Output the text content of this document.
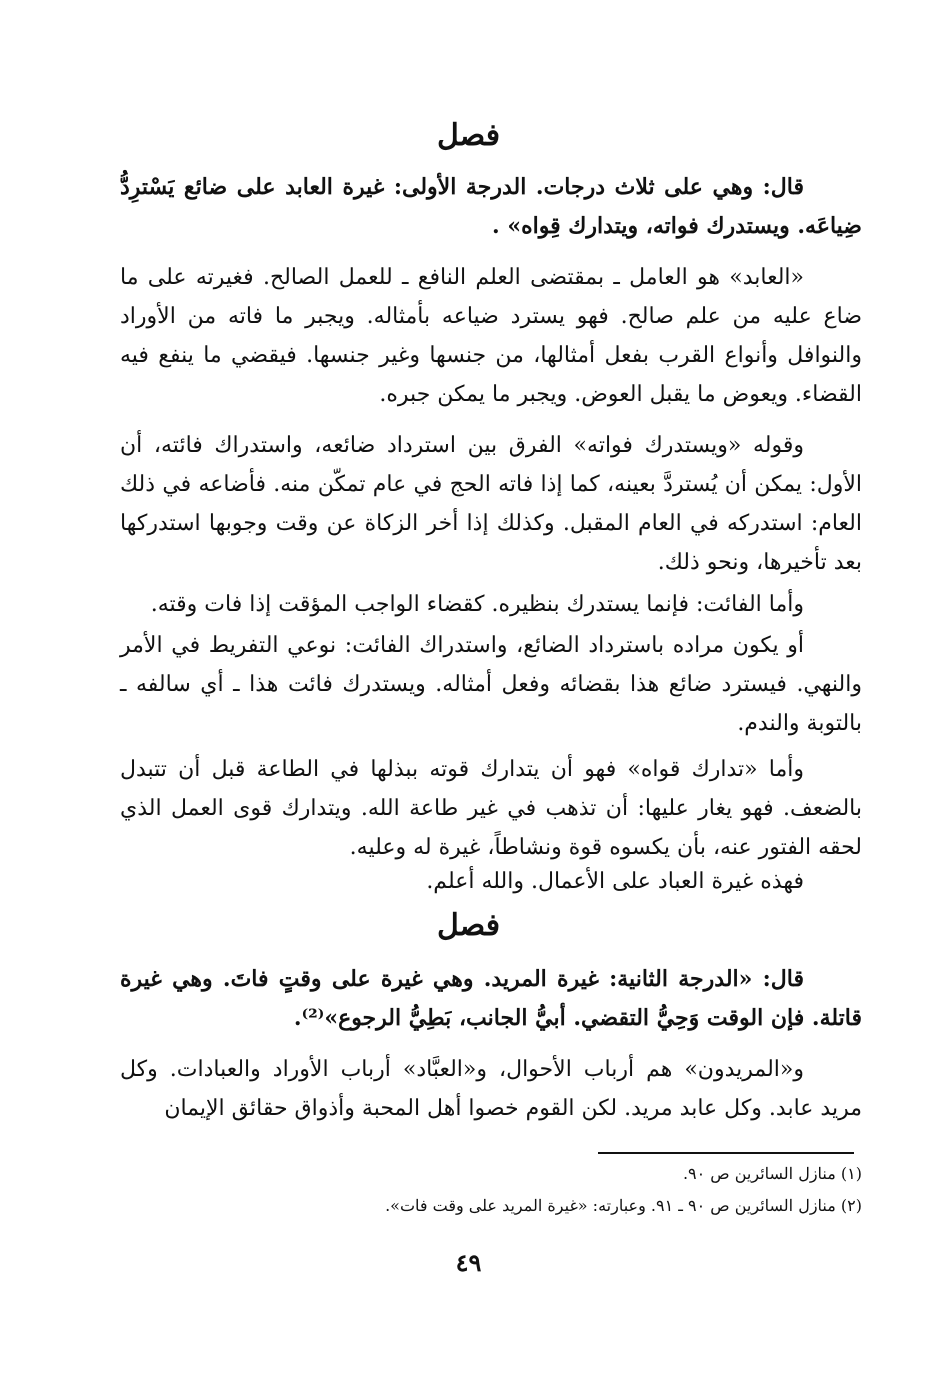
فصل
قال: وهي على ثلاث درجات. الدرجة الأولى: غيرة العابد على ضائع يَسْترِدُّ ضِياعَه. ويستدرك فواته، ويتدارك قِواه» .
«العابد» هو العامل ـ بمقتضى العلم النافع ـ للعمل الصالح. فغيرته على ما ضاع عليه من علم صالح. فهو يسترد ضياعه بأمثاله. ويجبر ما فاته من الأوراد والنوافل وأنواع القرب بفعل أمثالها، من جنسها وغير جنسها. فيقضي ما ينفع فيه القضاء. ويعوض ما يقبل العوض. ويجبر ما يمكن جبره.
وقوله «ويستدرك فواته» الفرق بين استرداد ضائعه، واستدراك فائته، أن الأول: يمكن أن يُستردَّ بعينه، كما إذا فاته الحج في عام تمكّن منه. فأضاعه في ذلك العام: استدركه في العام المقبل. وكذلك إذا أخر الزكاة عن وقت وجوبها استدركها بعد تأخيرها، ونحو ذلك.
وأما الفائت: فإنما يستدرك بنظيره. كقضاء الواجب المؤقت إذا فات وقته.
أو يكون مراده باسترداد الضائع، واستدراك الفائت: نوعي التفريط في الأمر والنهي. فيسترد ضائع هذا بقضائه وفعل أمثاله. ويستدرك فائت هذا ـ أي سالفه ـ بالتوبة والندم.
وأما «تدارك قواه» فهو أن يتدارك قوته ببذلها في الطاعة قبل أن تتبدل بالضعف. فهو يغار عليها: أن تذهب في غير طاعة الله. ويتدارك قوى العمل الذي لحقه الفتور عنه، بأن يكسوه قوة ونشاطاً، غيرة له وعليه.
فهذه غيرة العباد على الأعمال. والله أعلم.
فصل
قال: «الدرجة الثانية: غيرة المريد. وهي غيرة على وقتٍ فاتَ. وهي غيرة قاتلة. فإن الوقت وَحِيُّ التقضي. أبيُّ الجانب، بَطِيُّ الرجوع»⁽²⁾.
و«المريدون» هم أرباب الأحوال، و«العبَّاد» أرباب الأوراد والعبادات. وكل مريد عابد. وكل عابد مريد. لكن القوم خصوا أهل المحبة وأذواق حقائق الإيمان
(١) منازل السائرين ص ٩٠.
(٢) منازل السائرين ص ٩٠ ـ ٩١. وعبارته: «غيرة المريد على وقت فات».
٤٩
